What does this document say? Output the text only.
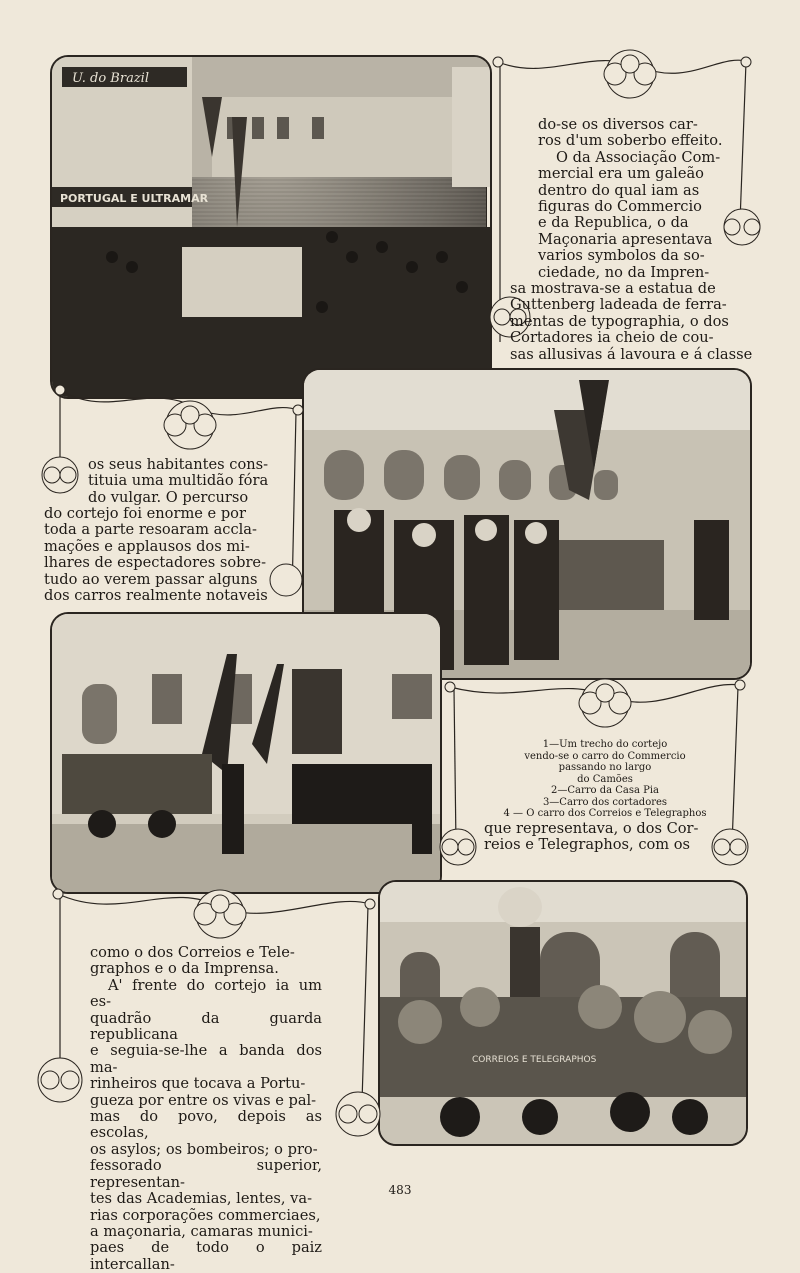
U. do Brazil
PORTUGAL E ULTRAMAR
CORREIOS E TELEGRAPHOS

do-se os diversos car-

ros d'um soberbo effeito.

O da Associação Com-

mercial era um galeão

dentro do qual iam as

figuras do Commercio

e da Republica, o da

Maçonaria apresentava

varios symbolos da so-

ciedade, no da Impren-

sa mostrava-se a estatua de

Guttenberg ladeada de ferra-

mentas de typographia, o dos

Cortadores ia cheio de cou-

sas allusivas á lavoura e á classe

os seus habitantes cons-

tituia uma multidão fóra

do vulgar. O percurso

do cortejo foi enorme e por

toda a parte resoaram accla-

mações e applausos dos mi-

lhares de espectadores sobre-

tudo ao verem passar alguns

dos carros realmente notaveis

1—Um trecho do cortejo
vendo-se o carro do Commercio
passando no largo
do Camões
2—Carro da Casa Pia
3—Carro dos cortadores
4 — O carro dos Correios e Telegraphos

que representava, o dos Cor-

reios e Telegraphos, com os

como o dos Correios e Tele-

graphos e o da Imprensa.

A' frente do cortejo ia um es-

quadrão da guarda republicana

e seguia-se-lhe a banda dos ma-

rinheiros que tocava a Portu-

gueza por entre os vivas e pal-

mas do povo, depois as escolas,

os asylos; os bombeiros; o pro-

fessorado superior, representan-

tes das Academias, lentes, va-

rias corporações commerciaes,

a maçonaria, camaras munici-

paes de todo o paiz intercallan-

483
